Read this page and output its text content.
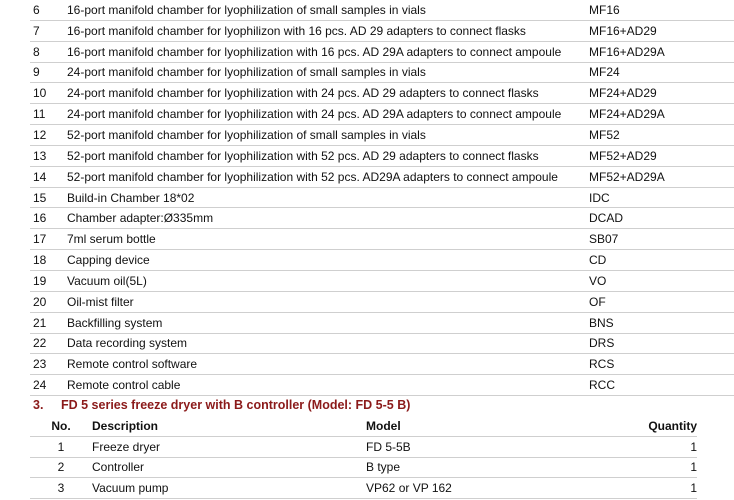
6	16-port manifold chamber for lyophilization of small samples in vials	MF16
7	16-port manifold chamber for lyophilizon with 16 pcs. AD 29 adapters to connect flasks	MF16+AD29
8	16-port manifold chamber for lyophilization with 16 pcs. AD 29A adapters to connect ampoule	MF16+AD29A
9	24-port manifold chamber for lyophilization of small samples in vials	MF24
10	24-port manifold chamber for lyophilization with 24 pcs. AD 29 adapters to connect flasks	MF24+AD29
11	24-port manifold chamber for lyophilization with 24 pcs. AD 29A adapters to connect ampoule	MF24+AD29A
12	52-port manifold chamber for lyophilization of small samples in vials	MF52
13	52-port manifold chamber for lyophilization with 52 pcs. AD 29 adapters to connect flasks	MF52+AD29
14	52-port manifold chamber for lyophilization with 52 pcs. AD29A adapters to connect ampoule	MF52+AD29A
15	Build-in Chamber 18*02	IDC
16	Chamber adapter:Ø335mm	DCAD
17	7ml serum bottle	SB07
18	Capping device	CD
19	Vacuum oil(5L)	VO
20	Oil-mist filter	OF
21	Backfilling system	BNS
22	Data recording system	DRS
23	Remote control software	RCS
24	Remote control cable	RCC
3. FD 5 series freeze dryer with B controller (Model: FD 5-5 B)
No.	Description	Model	Quantity
1	Freeze dryer	FD 5-5B	1
2	Controller	B type	1
3	Vacuum pump	VP62 or VP 162	1
